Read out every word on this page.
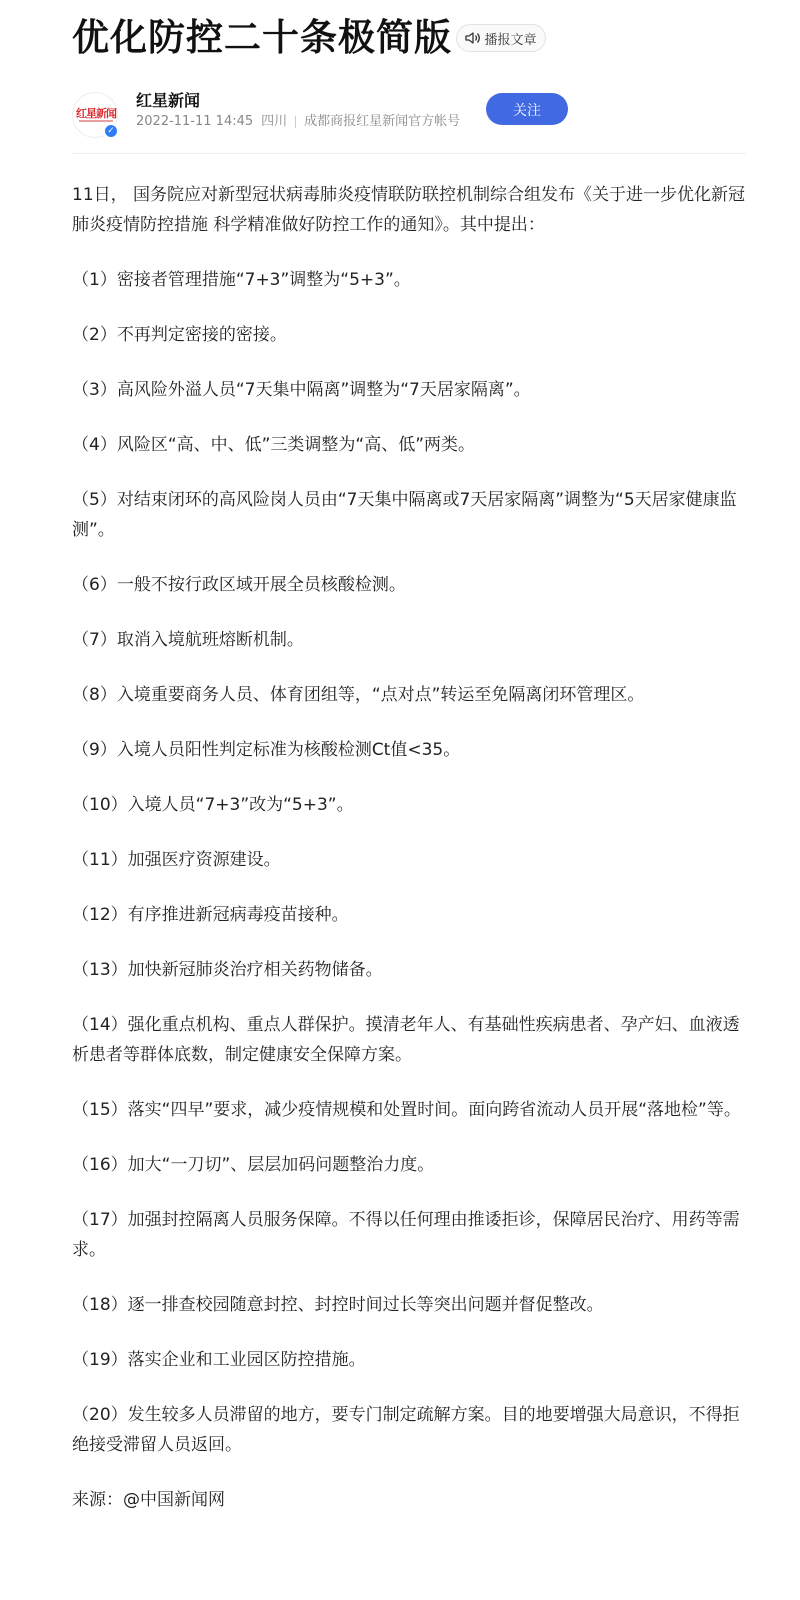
优化防控二十条极简版 播报文章
红星新闻
✓
红星新闻
2022-11-11 14:45 四川 成都商报红星新闻官方帐号
关注

11日， 国务院应对新型冠状病毒肺炎疫情联防联控机制综合组发布《关于进一步优化新冠肺炎疫情防控措施 科学精准做好防控工作的通知》。其中提出：

（1）密接者管理措施“7+3”调整为“5+3”。

（2）不再判定密接的密接。

（3）高风险外溢人员“7天集中隔离”调整为“7天居家隔离”。

（4）风险区“高、中、低”三类调整为“高、低”两类。

（5）对结束闭环的高风险岗人员由“7天集中隔离或7天居家隔离”调整为“5天居家健康监测”。

（6）一般不按行政区域开展全员核酸检测。

（7）取消入境航班熔断机制。

（8）入境重要商务人员、体育团组等，“点对点”转运至免隔离闭环管理区。

（9）入境人员阳性判定标准为核酸检测Ct值<35。

（10）入境人员“7+3”改为“5+3”。

（11）加强医疗资源建设。

（12）有序推进新冠病毒疫苗接种。

（13）加快新冠肺炎治疗相关药物储备。

（14）强化重点机构、重点人群保护。摸清老年人、有基础性疾病患者、孕产妇、血液透析患者等群体底数，制定健康安全保障方案。

（15）落实“四早”要求，减少疫情规模和处置时间。面向跨省流动人员开展“落地检”等。

（16）加大“一刀切”、层层加码问题整治力度。

（17）加强封控隔离人员服务保障。不得以任何理由推诿拒诊，保障居民治疗、用药等需求。

（18）逐一排查校园随意封控、封控时间过长等突出问题并督促整改。

（19）落实企业和工业园区防控措施。

（20）发生较多人员滞留的地方，要专门制定疏解方案。目的地要增强大局意识，不得拒绝接受滞留人员返回。

来源：@中国新闻网
